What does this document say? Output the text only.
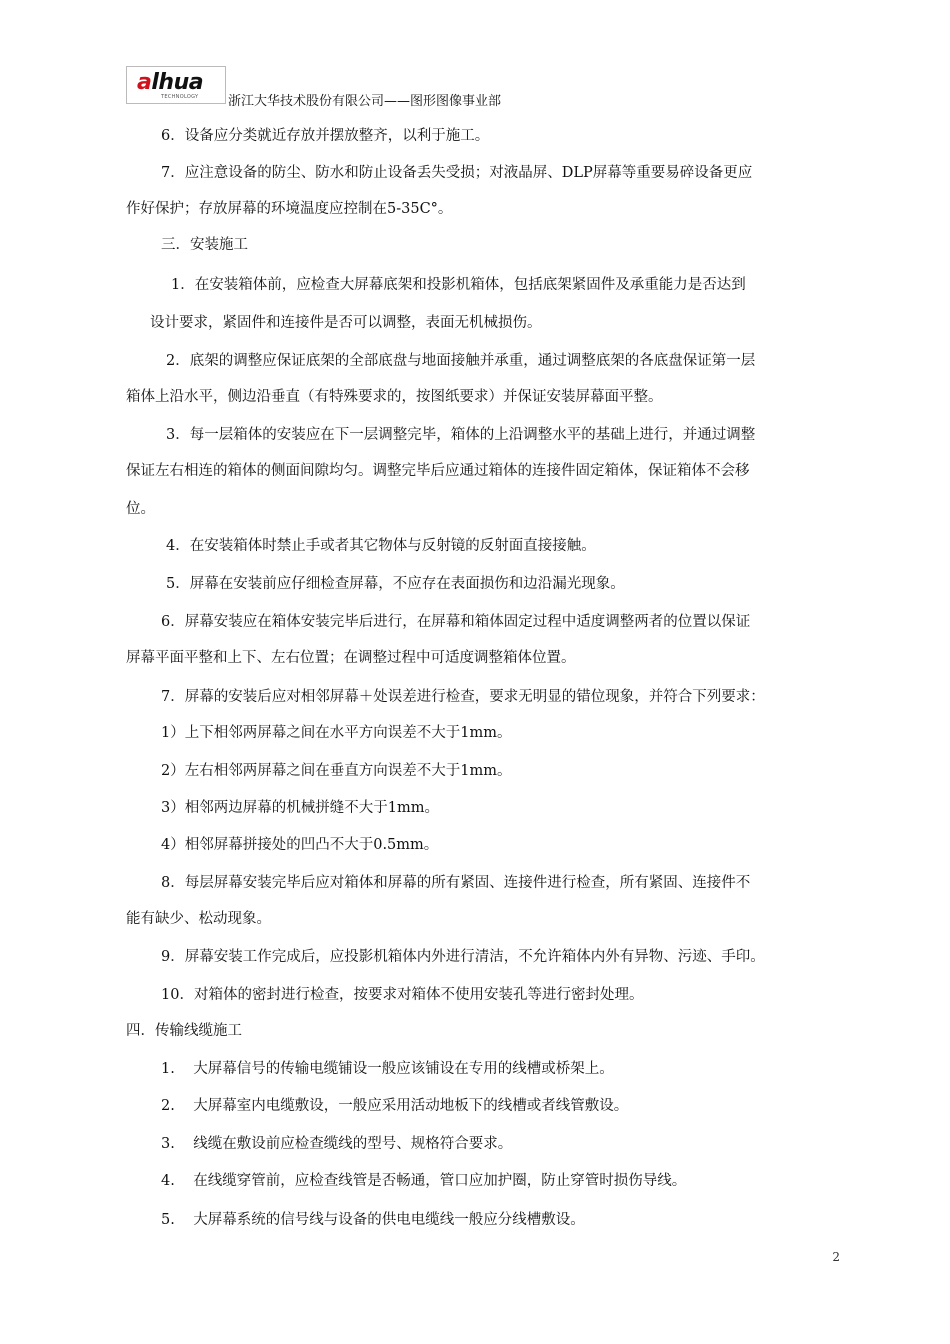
alhua
TECHNOLOGY 浙江大华技术股份有限公司——图形图像事业部
6．设备应分类就近存放并摆放整齐，以利于施工。
7．应注意设备的防尘、防水和防止设备丢失受损；对液晶屏、DLP屏幕等重要易碎设备更应
作好保护；存放屏幕的环境温度应控制在5-35C°。
三．安装施工
1．在安装箱体前，应检查大屏幕底架和投影机箱体，包括底架紧固件及承重能力是否达到
设计要求，紧固件和连接件是否可以调整，表面无机械损伤。
2．底架的调整应保证底架的全部底盘与地面接触并承重，通过调整底架的各底盘保证第一层
箱体上沿水平，侧边沿垂直（有特殊要求的，按图纸要求）并保证安装屏幕面平整。
3．每一层箱体的安装应在下一层调整完毕，箱体的上沿调整水平的基础上进行，并通过调整
保证左右相连的箱体的侧面间隙均匀。调整完毕后应通过箱体的连接件固定箱体，保证箱体不会移
位。
4．在安装箱体时禁止手或者其它物体与反射镜的反射面直接接触。
5．屏幕在安装前应仔细检查屏幕，不应存在表面损伤和边沿漏光现象。
6．屏幕安装应在箱体安装完毕后进行，在屏幕和箱体固定过程中适度调整两者的位置以保证
屏幕平面平整和上下、左右位置；在调整过程中可适度调整箱体位置。
7．屏幕的安装后应对相邻屏幕＋处误差进行检查，要求无明显的错位现象，并符合下列要求：
1）上下相邻两屏幕之间在水平方向误差不大于1mm。
2）左右相邻两屏幕之间在垂直方向误差不大于1mm。
3）相邻两边屏幕的机械拼缝不大于1mm。
4）相邻屏幕拼接处的凹凸不大于0.5mm。
8．每层屏幕安装完毕后应对箱体和屏幕的所有紧固、连接件进行检查，所有紧固、连接件不
能有缺少、松动现象。
9．屏幕安装工作完成后，应投影机箱体内外进行清洁，不允许箱体内外有异物、污迹、手印。
10．对箱体的密封进行检查，按要求对箱体不使用安装孔等进行密封处理。
四．传输线缆施工
1.    大屏幕信号的传输电缆铺设一般应该铺设在专用的线槽或桥架上。
2.    大屏幕室内电缆敷设，一般应采用活动地板下的线槽或者线管敷设。
3.    线缆在敷设前应检查缆线的型号、规格符合要求。
4.    在线缆穿管前，应检查线管是否畅通，管口应加护圈，防止穿管时损伤导线。
5.    大屏幕系统的信号线与设备的供电电缆线一般应分线槽敷设。
2
